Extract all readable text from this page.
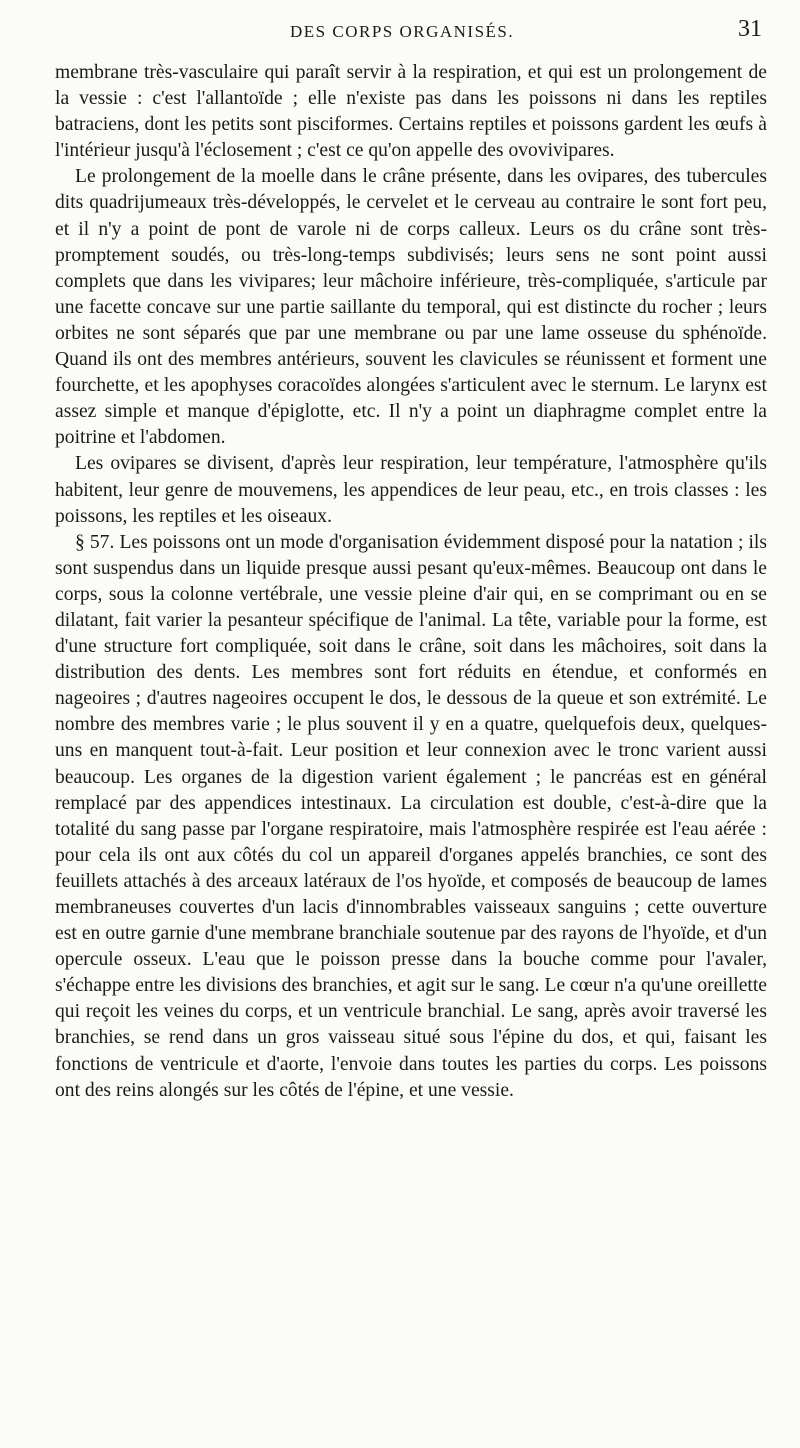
DES CORPS ORGANISÉS.	31

membrane très-vasculaire qui paraît servir à la respiration, et qui est un prolongement de la vessie : c'est l'allantoïde ; elle n'existe pas dans les poissons ni dans les reptiles batraciens, dont les petits sont pisciformes. Certains reptiles et poissons gardent les œufs à l'intérieur jusqu'à l'éclosement ; c'est ce qu'on appelle des ovovivipares.

Le prolongement de la moelle dans le crâne présente, dans les ovipares, des tubercules dits quadrijumeaux très-développés, le cervelet et le cerveau au contraire le sont fort peu, et il n'y a point de pont de varole ni de corps calleux. Leurs os du crâne sont très-promptement soudés, ou très-long-temps subdivisés; leurs sens ne sont point aussi complets que dans les vivipares; leur mâchoire inférieure, très-compliquée, s'articule par une facette concave sur une partie saillante du temporal, qui est distincte du rocher ; leurs orbites ne sont séparés que par une membrane ou par une lame osseuse du sphénoïde. Quand ils ont des membres antérieurs, souvent les clavicules se réunissent et forment une fourchette, et les apophyses coracoïdes alongées s'articulent avec le sternum. Le larynx est assez simple et manque d'épiglotte, etc. Il n'y a point un diaphragme complet entre la poitrine et l'abdomen.

Les ovipares se divisent, d'après leur respiration, leur température, l'atmosphère qu'ils habitent, leur genre de mouvemens, les appendices de leur peau, etc., en trois classes : les poissons, les reptiles et les oiseaux.

§ 57. Les poissons ont un mode d'organisation évidemment disposé pour la natation ; ils sont suspendus dans un liquide presque aussi pesant qu'eux-mêmes. Beaucoup ont dans le corps, sous la colonne vertébrale, une vessie pleine d'air qui, en se comprimant ou en se dilatant, fait varier la pesanteur spécifique de l'animal. La tête, variable pour la forme, est d'une structure fort compliquée, soit dans le crâne, soit dans les mâchoires, soit dans la distribution des dents. Les membres sont fort réduits en étendue, et conformés en nageoires ; d'autres nageoires occupent le dos, le dessous de la queue et son extrémité. Le nombre des membres varie ; le plus souvent il y en a quatre, quelquefois deux, quelques-uns en manquent tout-à-fait. Leur position et leur connexion avec le tronc varient aussi beaucoup. Les organes de la digestion varient également ; le pancréas est en général remplacé par des appendices intestinaux. La circulation est double, c'est-à-dire que la totalité du sang passe par l'organe respiratoire, mais l'atmosphère respirée est l'eau aérée : pour cela ils ont aux côtés du col un appareil d'organes appelés branchies, ce sont des feuillets attachés à des arceaux latéraux de l'os hyoïde, et composés de beaucoup de lames membraneuses couvertes d'un lacis d'innombrables vaisseaux sanguins ; cette ouverture est en outre garnie d'une membrane branchiale soutenue par des rayons de l'hyoïde, et d'un opercule osseux. L'eau que le poisson presse dans la bouche comme pour l'avaler, s'échappe entre les divisions des branchies, et agit sur le sang. Le cœur n'a qu'une oreillette qui reçoit les veines du corps, et un ventricule branchial. Le sang, après avoir traversé les branchies, se rend dans un gros vaisseau situé sous l'épine du dos, et qui, faisant les fonctions de ventricule et d'aorte, l'envoie dans toutes les parties du corps. Les poissons ont des reins alongés sur les côtés de l'épine, et une vessie.
